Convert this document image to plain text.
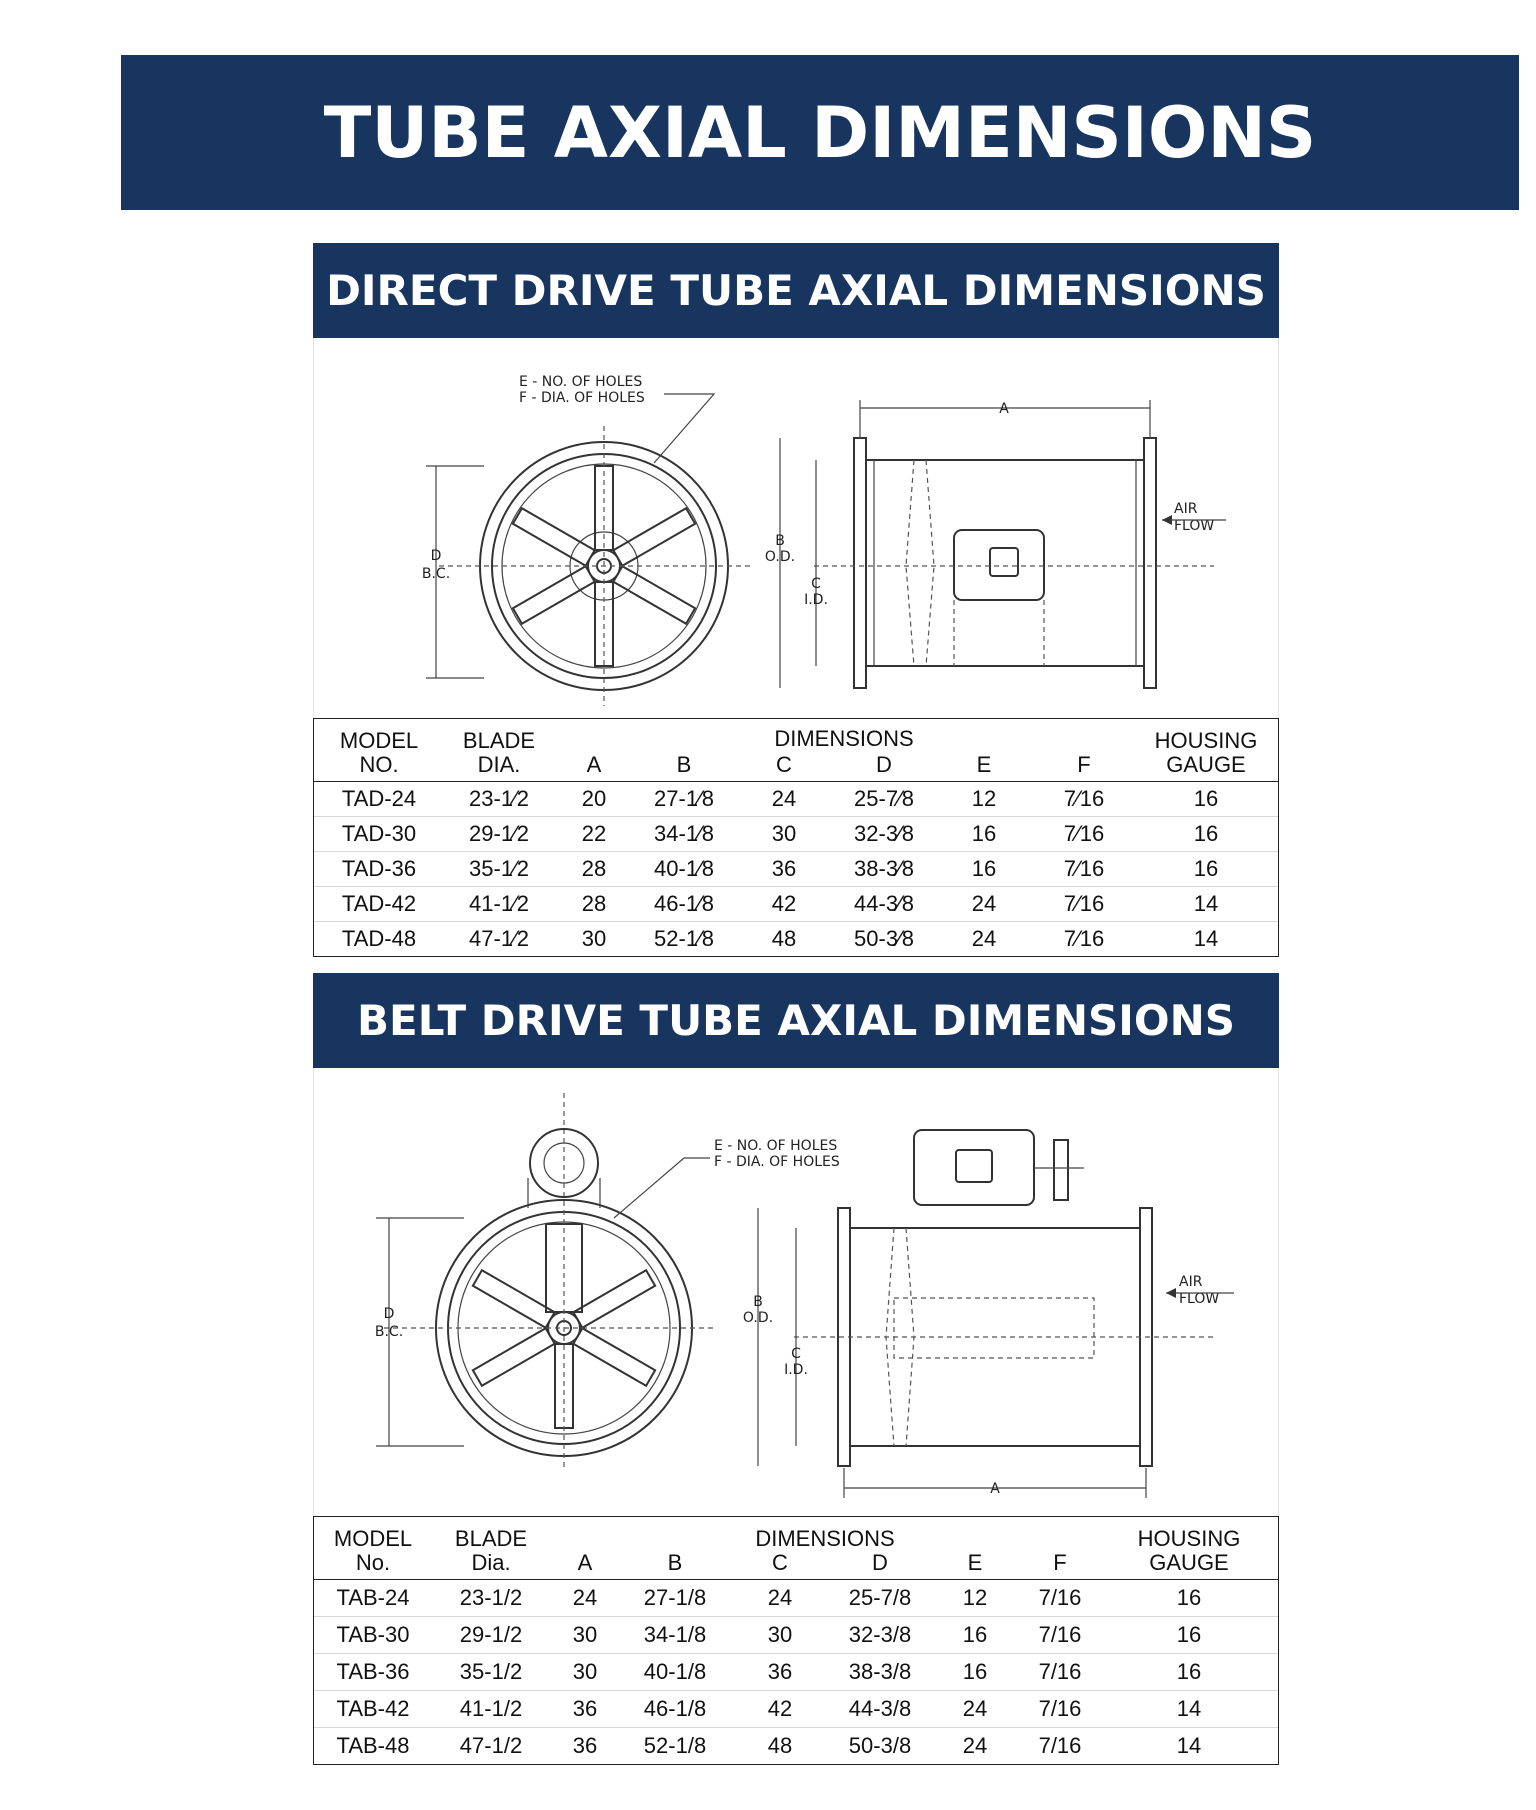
TUBE AXIAL DIMENSIONS
DIRECT DRIVE TUBE AXIAL DIMENSIONS
D
B.C.
E - NO. OF HOLES
F - DIA. OF HOLES
A
B
O.D.
C
I.D.
AIR
FLOW
MODEL	BLADE	DIMENSIONS						HOUSING
NO.	DIA.	A	B	C	D	E	F	GAUGE
TAD-24	23-1⁄2	20	27-1⁄8	24	25-7⁄8	12	7⁄16	16
TAD-30	29-1⁄2	22	34-1⁄8	30	32-3⁄8	16	7⁄16	16
TAD-36	35-1⁄2	28	40-1⁄8	36	38-3⁄8	16	7⁄16	16
TAD-42	41-1⁄2	28	46-1⁄8	42	44-3⁄8	24	7⁄16	14
TAD-48	47-1⁄2	30	52-1⁄8	48	50-3⁄8	24	7⁄16	14
BELT DRIVE TUBE AXIAL DIMENSIONS
D
B.C.
E - NO. OF HOLES
F - DIA. OF HOLES
A
B
O.D.
C
I.D.
AIR
FLOW
MODEL	BLADE	DIMENSIONS						HOUSING
No.	Dia.	A	B	C	D	E	F	GAUGE
TAB-24	23-1/2	24	27-1/8	24	25-7/8	12	7/16	16
TAB-30	29-1/2	30	34-1/8	30	32-3/8	16	7/16	16
TAB-36	35-1/2	30	40-1/8	36	38-3/8	16	7/16	16
TAB-42	41-1/2	36	46-1/8	42	44-3/8	24	7/16	14
TAB-48	47-1/2	36	52-1/8	48	50-3/8	24	7/16	14
